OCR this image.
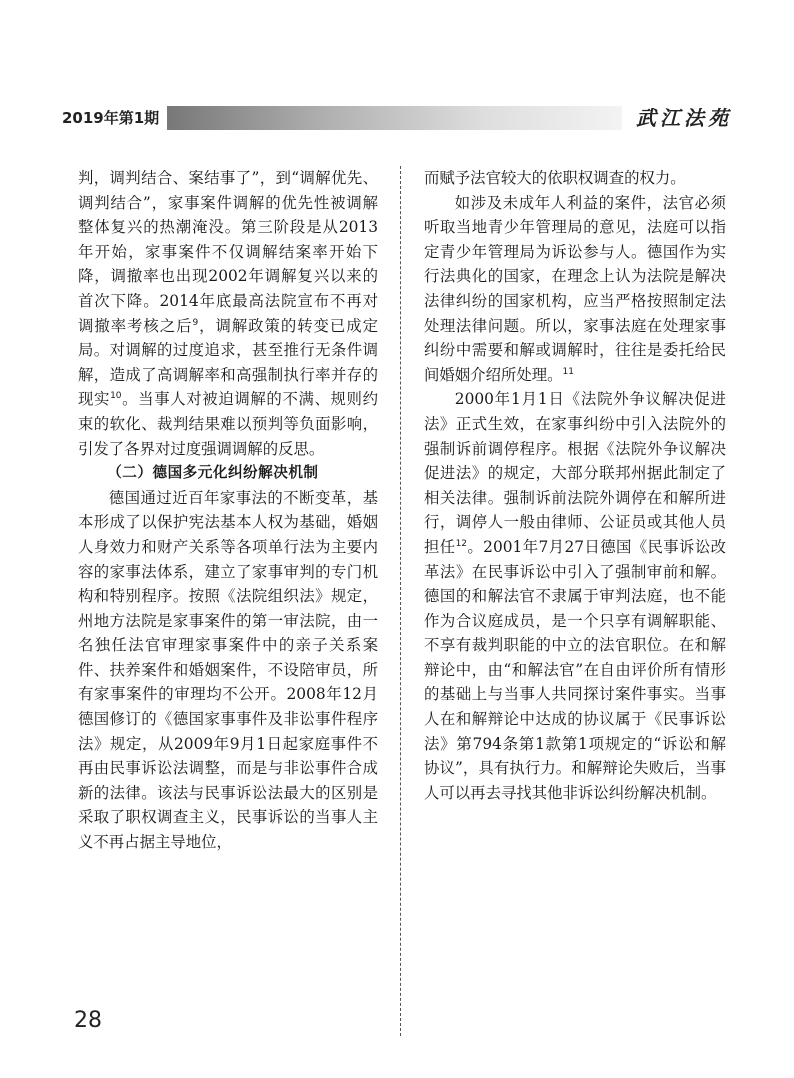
2019年第1期	武江法苑

判，调判结合、案结事了”，到“调解优先、调判结合”，家事案件调解的优先性被调解整体复兴的热潮淹没。第三阶段是从2013年开始，家事案件不仅调解结案率开始下降，调撤率也出现2002年调解复兴以来的首次下降。2014年底最高法院宣布不再对调撤率考核之后$^9$，调解政策的转变已成定局。对调解的过度追求，甚至推行无条件调解，造成了高调解率和高强制执行率并存的现实$^{10}$。当事人对被迫调解的不满、规则约束的软化、裁判结果难以预判等负面影响，引发了各界对过度强调调解的反思。

（二）德国多元化纠纷解决机制

德国通过近百年家事法的不断变革，基本形成了以保护宪法基本人权为基础，婚姻人身效力和财产关系等各项单行法为主要内容的家事法体系，建立了家事审判的专门机构和特别程序。按照《法院组织法》规定，州地方法院是家事案件的第一审法院，由一名独任法官审理家事案件中的亲子关系案件、扶养案件和婚姻案件，不设陪审员，所有家事案件的审理均不公开。2008年12月德国修订的《德国家事事件及非讼事件程序法》规定，从2009年9月1日起家庭事件不再由民事诉讼法调整，而是与非讼事件合成新的法律。该法与民事诉讼法最大的区别是采取了职权调查主义，民事诉讼的当事人主义不再占据主导地位，

而赋予法官较大的依职权调查的权力。

如涉及未成年人利益的案件，法官必须听取当地青少年管理局的意见，法庭可以指定青少年管理局为诉讼参与人。德国作为实行法典化的国家，在理念上认为法院是解决法律纠纷的国家机构，应当严格按照制定法处理法律问题。所以，家事法庭在处理家事纠纷中需要和解或调解时，往往是委托给民间婚姻介绍所处理。$^{11}$

2000年1月1日《法院外争议解决促进法》正式生效，在家事纠纷中引入法院外的强制诉前调停程序。根据《法院外争议解决促进法》的规定，大部分联邦州据此制定了相关法律。强制诉前法院外调停在和解所进行，调停人一般由律师、公证员或其他人员担任$^{12}$。2001年7月27日德国《民事诉讼改革法》在民事诉讼中引入了强制审前和解。德国的和解法官不隶属于审判法庭，也不能作为合议庭成员，是一个只享有调解职能、不享有裁判职能的中立的法官职位。在和解辩论中，由“和解法官”在自由评价所有情形的基础上与当事人共同探讨案件事实。当事人在和解辩论中达成的协议属于《民事诉讼法》第794条第1款第1项规定的“诉讼和解协议”，具有执行力。和解辩论失败后，当事人可以再去寻找其他非诉讼纠纷解决机制。

28
